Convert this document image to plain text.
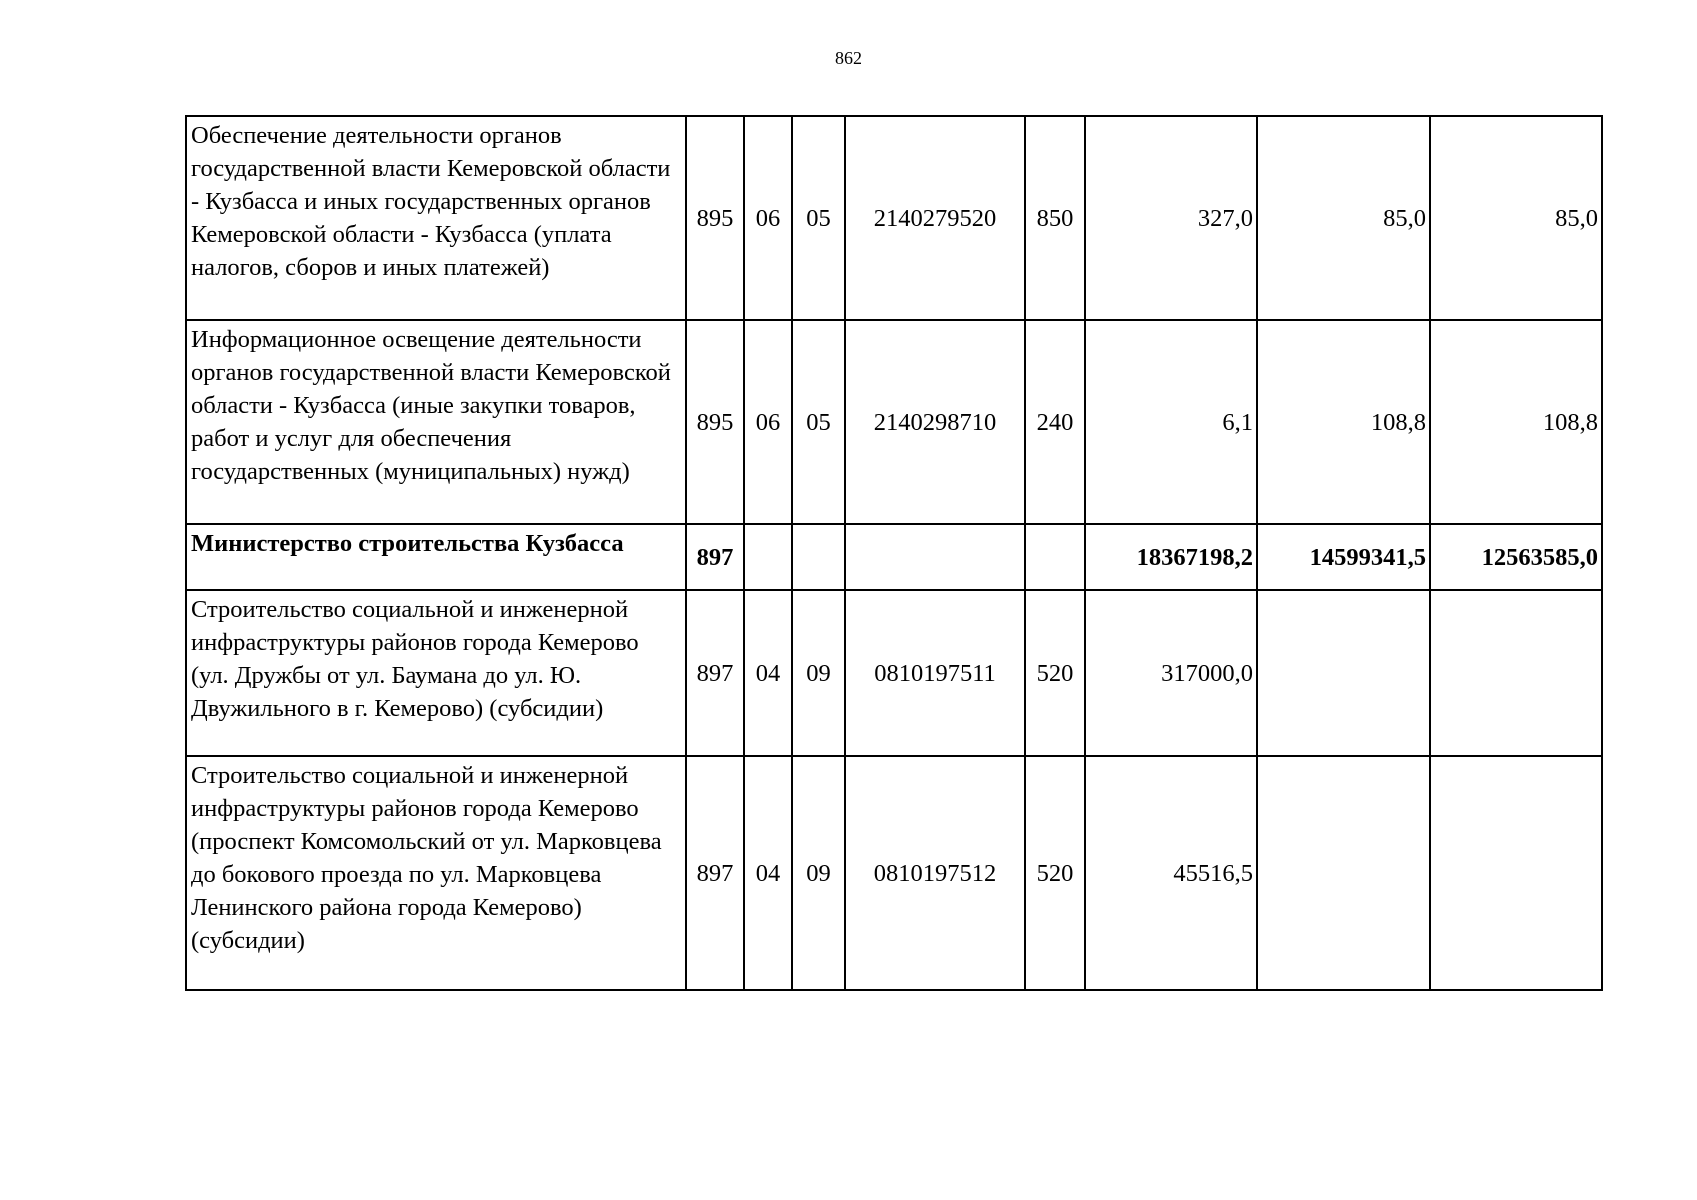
862
Обеспечение деятельности органов государственной власти Кемеровской области - Кузбасса и иных государственных органов Кемеровской области - Кузбасса (уплата налогов, сборов и иных платежей)	895	06	05	2140279520	850	327,0	85,0	85,0
Информационное освещение деятельности органов государственной власти Кемеровской области - Кузбасса (иные закупки товаров, работ и услуг для обеспечения государственных (муниципальных) нужд)	895	06	05	2140298710	240	6,1	108,8	108,8
Министерство строительства Кузбасса	897					18367198,2	14599341,5	12563585,0
Строительство социальной и инженерной инфраструктуры районов города Кемерово (ул. Дружбы от ул. Баумана до ул. Ю. Двужильного в г. Кемерово) (субсидии)	897	04	09	0810197511	520	317000,0		
Строительство социальной и инженерной инфраструктуры районов города Кемерово (проспект Комсомольский от ул. Марковцева до бокового проезда по ул. Марковцева Ленинского района города Кемерово) (субсидии)	897	04	09	0810197512	520	45516,5		
